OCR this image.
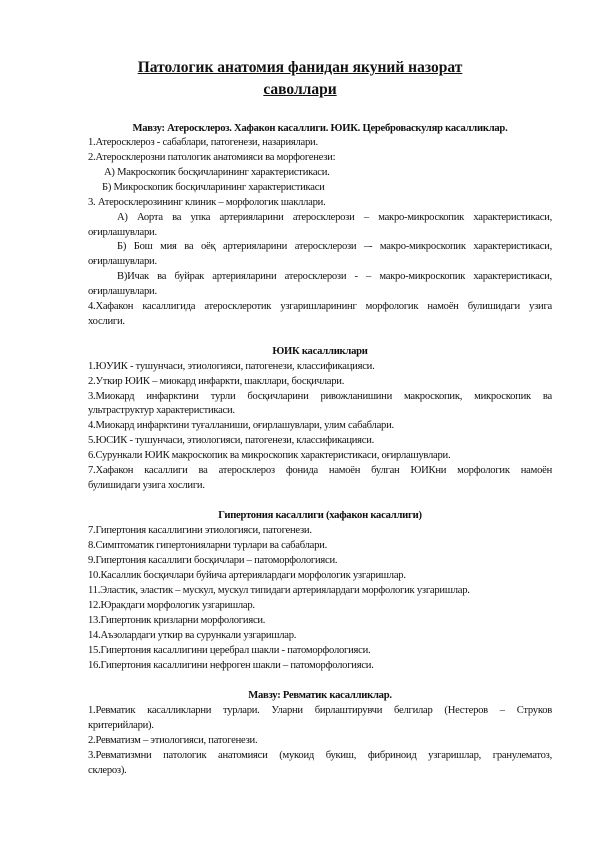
Патологик анатомия фанидан якуний назорат
саволлари
Мавзу: Атеросклероз. Хафакон касаллиги. ЮИК. Цереброваскуляр касалликлар.
1.Атеросклероз - сабаблари, патогенези, назариялари.
2.Атеросклерозни патологик анатомияси ва морфогенези:
А) Макроскопик босқичларининг характеристикаси.
Б) Микроскопик босқичларининг характеристикаси
3. Атеросклерозининг клиник – морфологик шакллари.
А) Аорта ва упка артерияларини атеросклерози – макро-микроскопик характеристикаси,
оғирлашувлари.
Б) Бош мия ва оёқ артерияларини атеросклерози –- макро-микроскопик характеристикаси,
оғирлашувлари.
В)Ичак ва буйрак артерияларини атеросклерози - – макро-микроскопик характеристикаси,
оғирлашувлари.
4.Хафакон касаллигида атеросклеротик узгаришларининг морфологик намоён булишидаги узига
хослиги.
ЮИК касалликлари
1.ЮУИК - тушунчаси, этиологияси, патогенези, классификацияси.
2.Уткир ЮИК – миокард инфаркти, шакллари, босқичлари.
3.Миокард инфарктини турли босқичларини ривожланишини макроскопик, микроскопик ва
ультраструктур характеристикаси.
4.Миокард инфарктини туғалланиши, оғирлашувлари, улим сабаблари.
5.ЮСИК - тушунчаси, этиологияси, патогенези, классификацияси.
6.Сурункали ЮИК макроскопик ва микроскопик характеристикаси, оғирлашувлари.
7.Хафакон касаллиги ва атеросклероз фонида намоён булган ЮИКни морфологик намоён
булишидаги узига хослиги.
Гипертония касаллиги (хафакон касаллиги)
7.Гипертония касаллигини этиологияси, патогенези.
8.Симптоматик гипертонияларни турлари ва сабаблари.
9.Гипертония касаллиги босқичлари – патоморфологияси.
10.Касаллик босқичлари буйича артериялардаги морфологик узгаришлар.
11.Эластик, эластик – мускул, мускул типидаги артериялардаги морфологик узгаришлар.
12.Юракдаги морфологик узгаришлар.
13.Гипертоник кризларни морфологияси.
14.Аъзолардаги уткир ва сурункали узгаришлар.
15.Гипертония касаллигини церебрал шакли - патоморфологияси.
16.Гипертония касаллигини нефроген шакли – патоморфологияси.
Мавзу: Ревматик касалликлар.
1.Ревматик касалликларни турлари. Уларни бирлаштирувчи белгилар (Нестеров – Струков
критерийлари).
2.Ревматизм – этиологияси, патогенези.
3.Ревматизмни патологик анатомияси (мукоид букиш, фибриноид узгаришлар, гранулематоз,
склероз).
